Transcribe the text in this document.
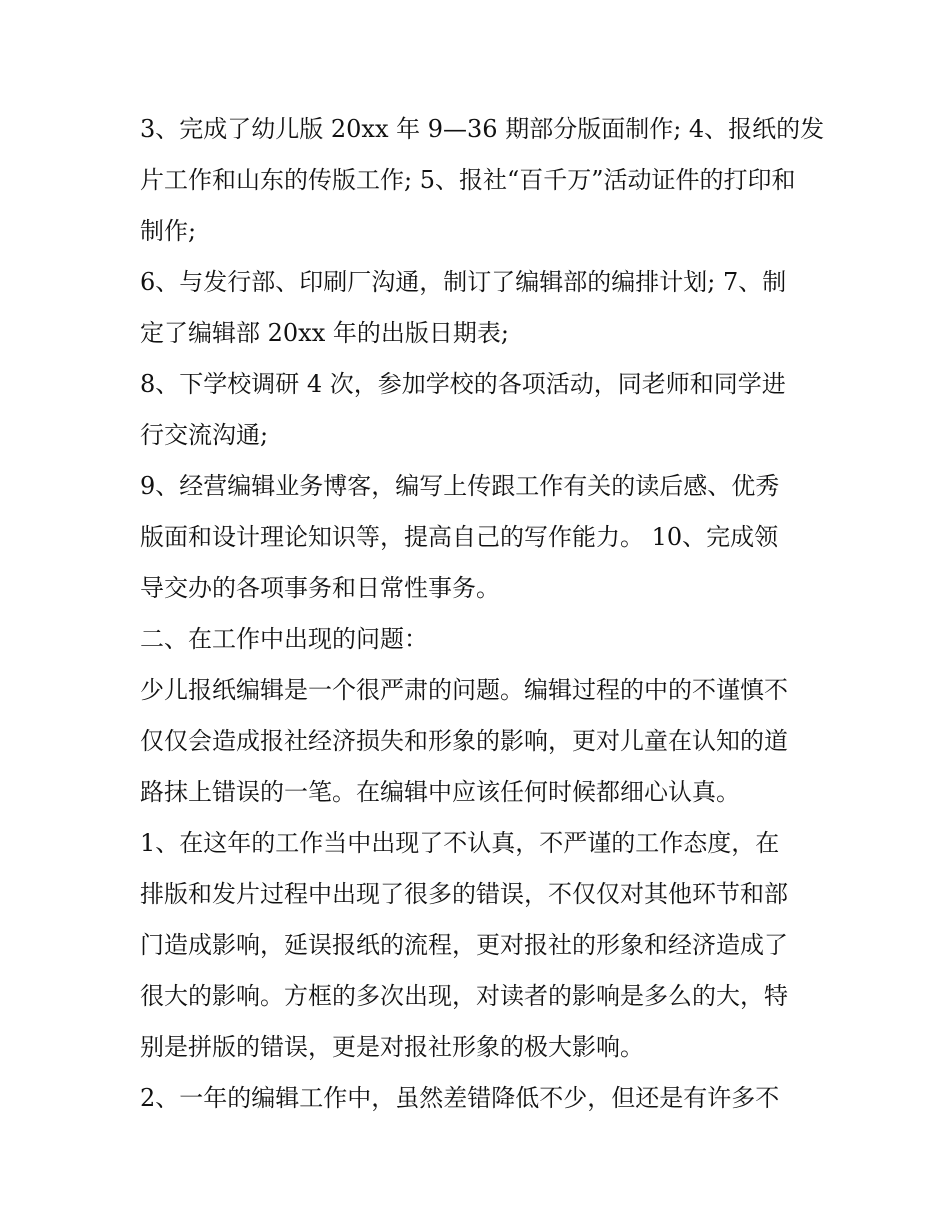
3、完成了幼儿版 20xx 年 9—36 期部分版面制作; 4、报纸的发
片工作和山东的传版工作; 5、报社“百千万”活动证件的打印和
制作;
6、与发行部、印刷厂沟通，制订了编辑部的编排计划; 7、制
定了编辑部 20xx 年的出版日期表;
8、下学校调研 4 次，参加学校的各项活动，同老师和同学进
行交流沟通;
9、经营编辑业务博客，编写上传跟工作有关的读后感、优秀
版面和设计理论知识等，提高自己的写作能力。 10、完成领
导交办的各项事务和日常性事务。
二、在工作中出现的问题：
少儿报纸编辑是一个很严肃的问题。编辑过程的中的不谨慎不
仅仅会造成报社经济损失和形象的影响，更对儿童在认知的道
路抹上错误的一笔。在编辑中应该任何时候都细心认真。
1、在这年的工作当中出现了不认真，不严谨的工作态度，在
排版和发片过程中出现了很多的错误，不仅仅对其他环节和部
门造成影响，延误报纸的流程，更对报社的形象和经济造成了
很大的影响。方框的多次出现，对读者的影响是多么的大，特
别是拼版的错误，更是对报社形象的极大影响。
2、一年的编辑工作中，虽然差错降低不少，但还是有许多不
